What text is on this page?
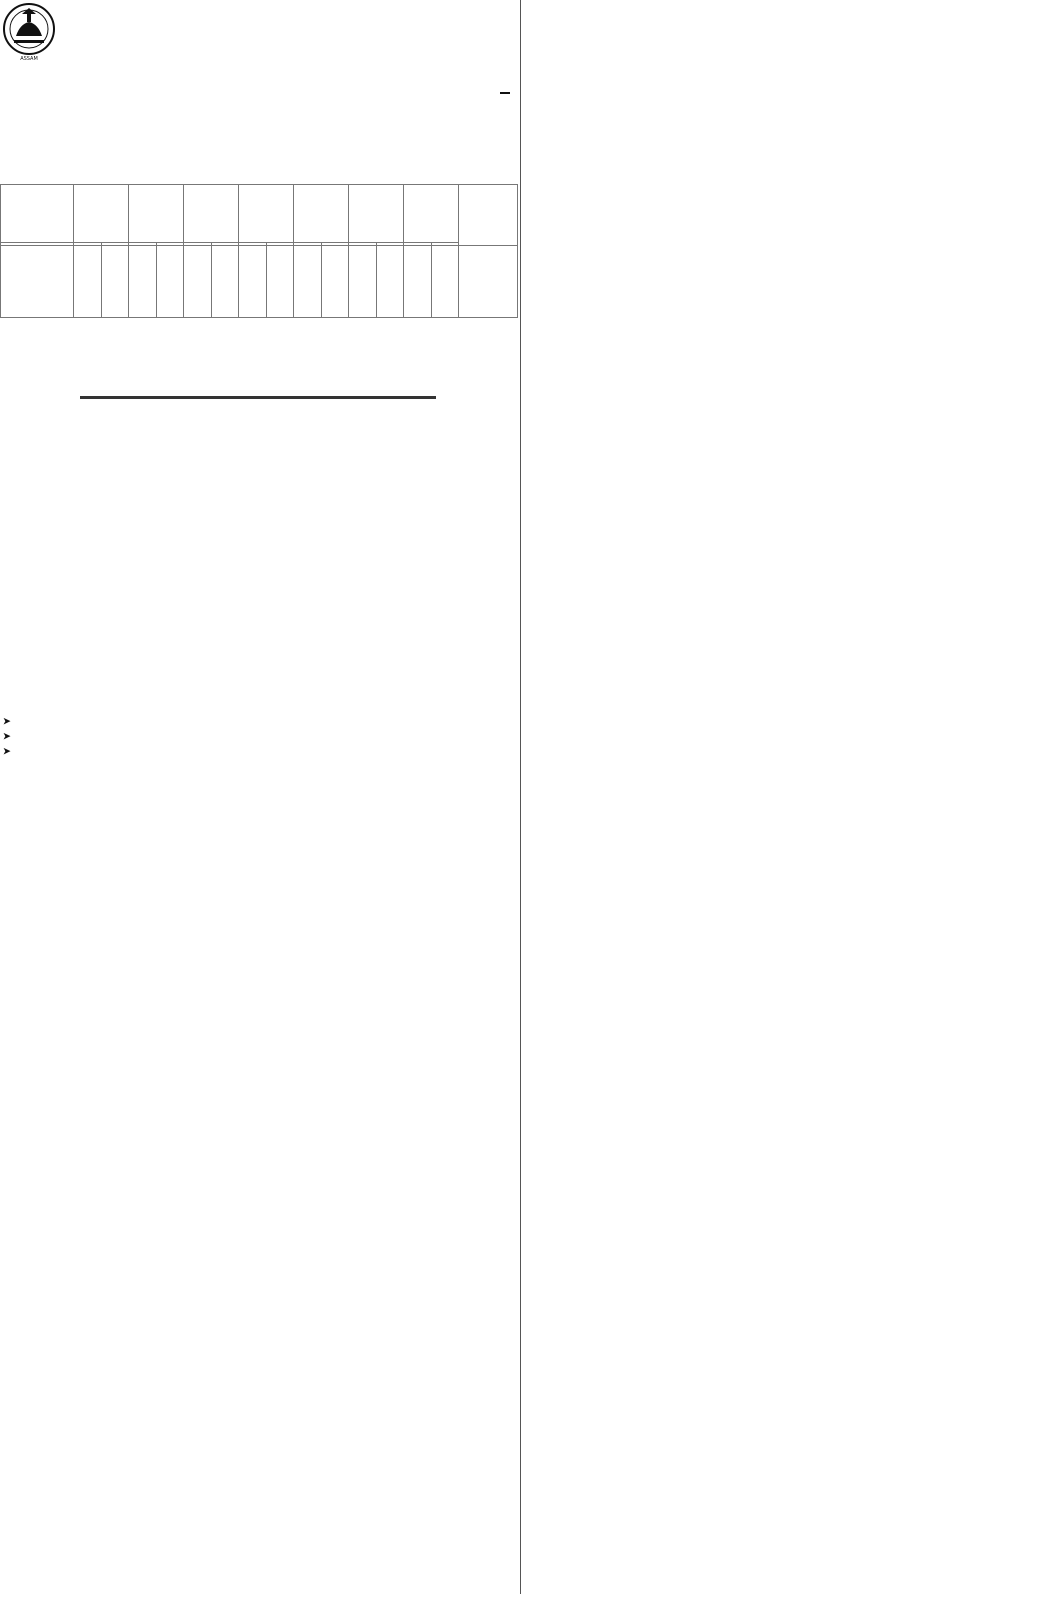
ASSAM

➤
➤
➤
